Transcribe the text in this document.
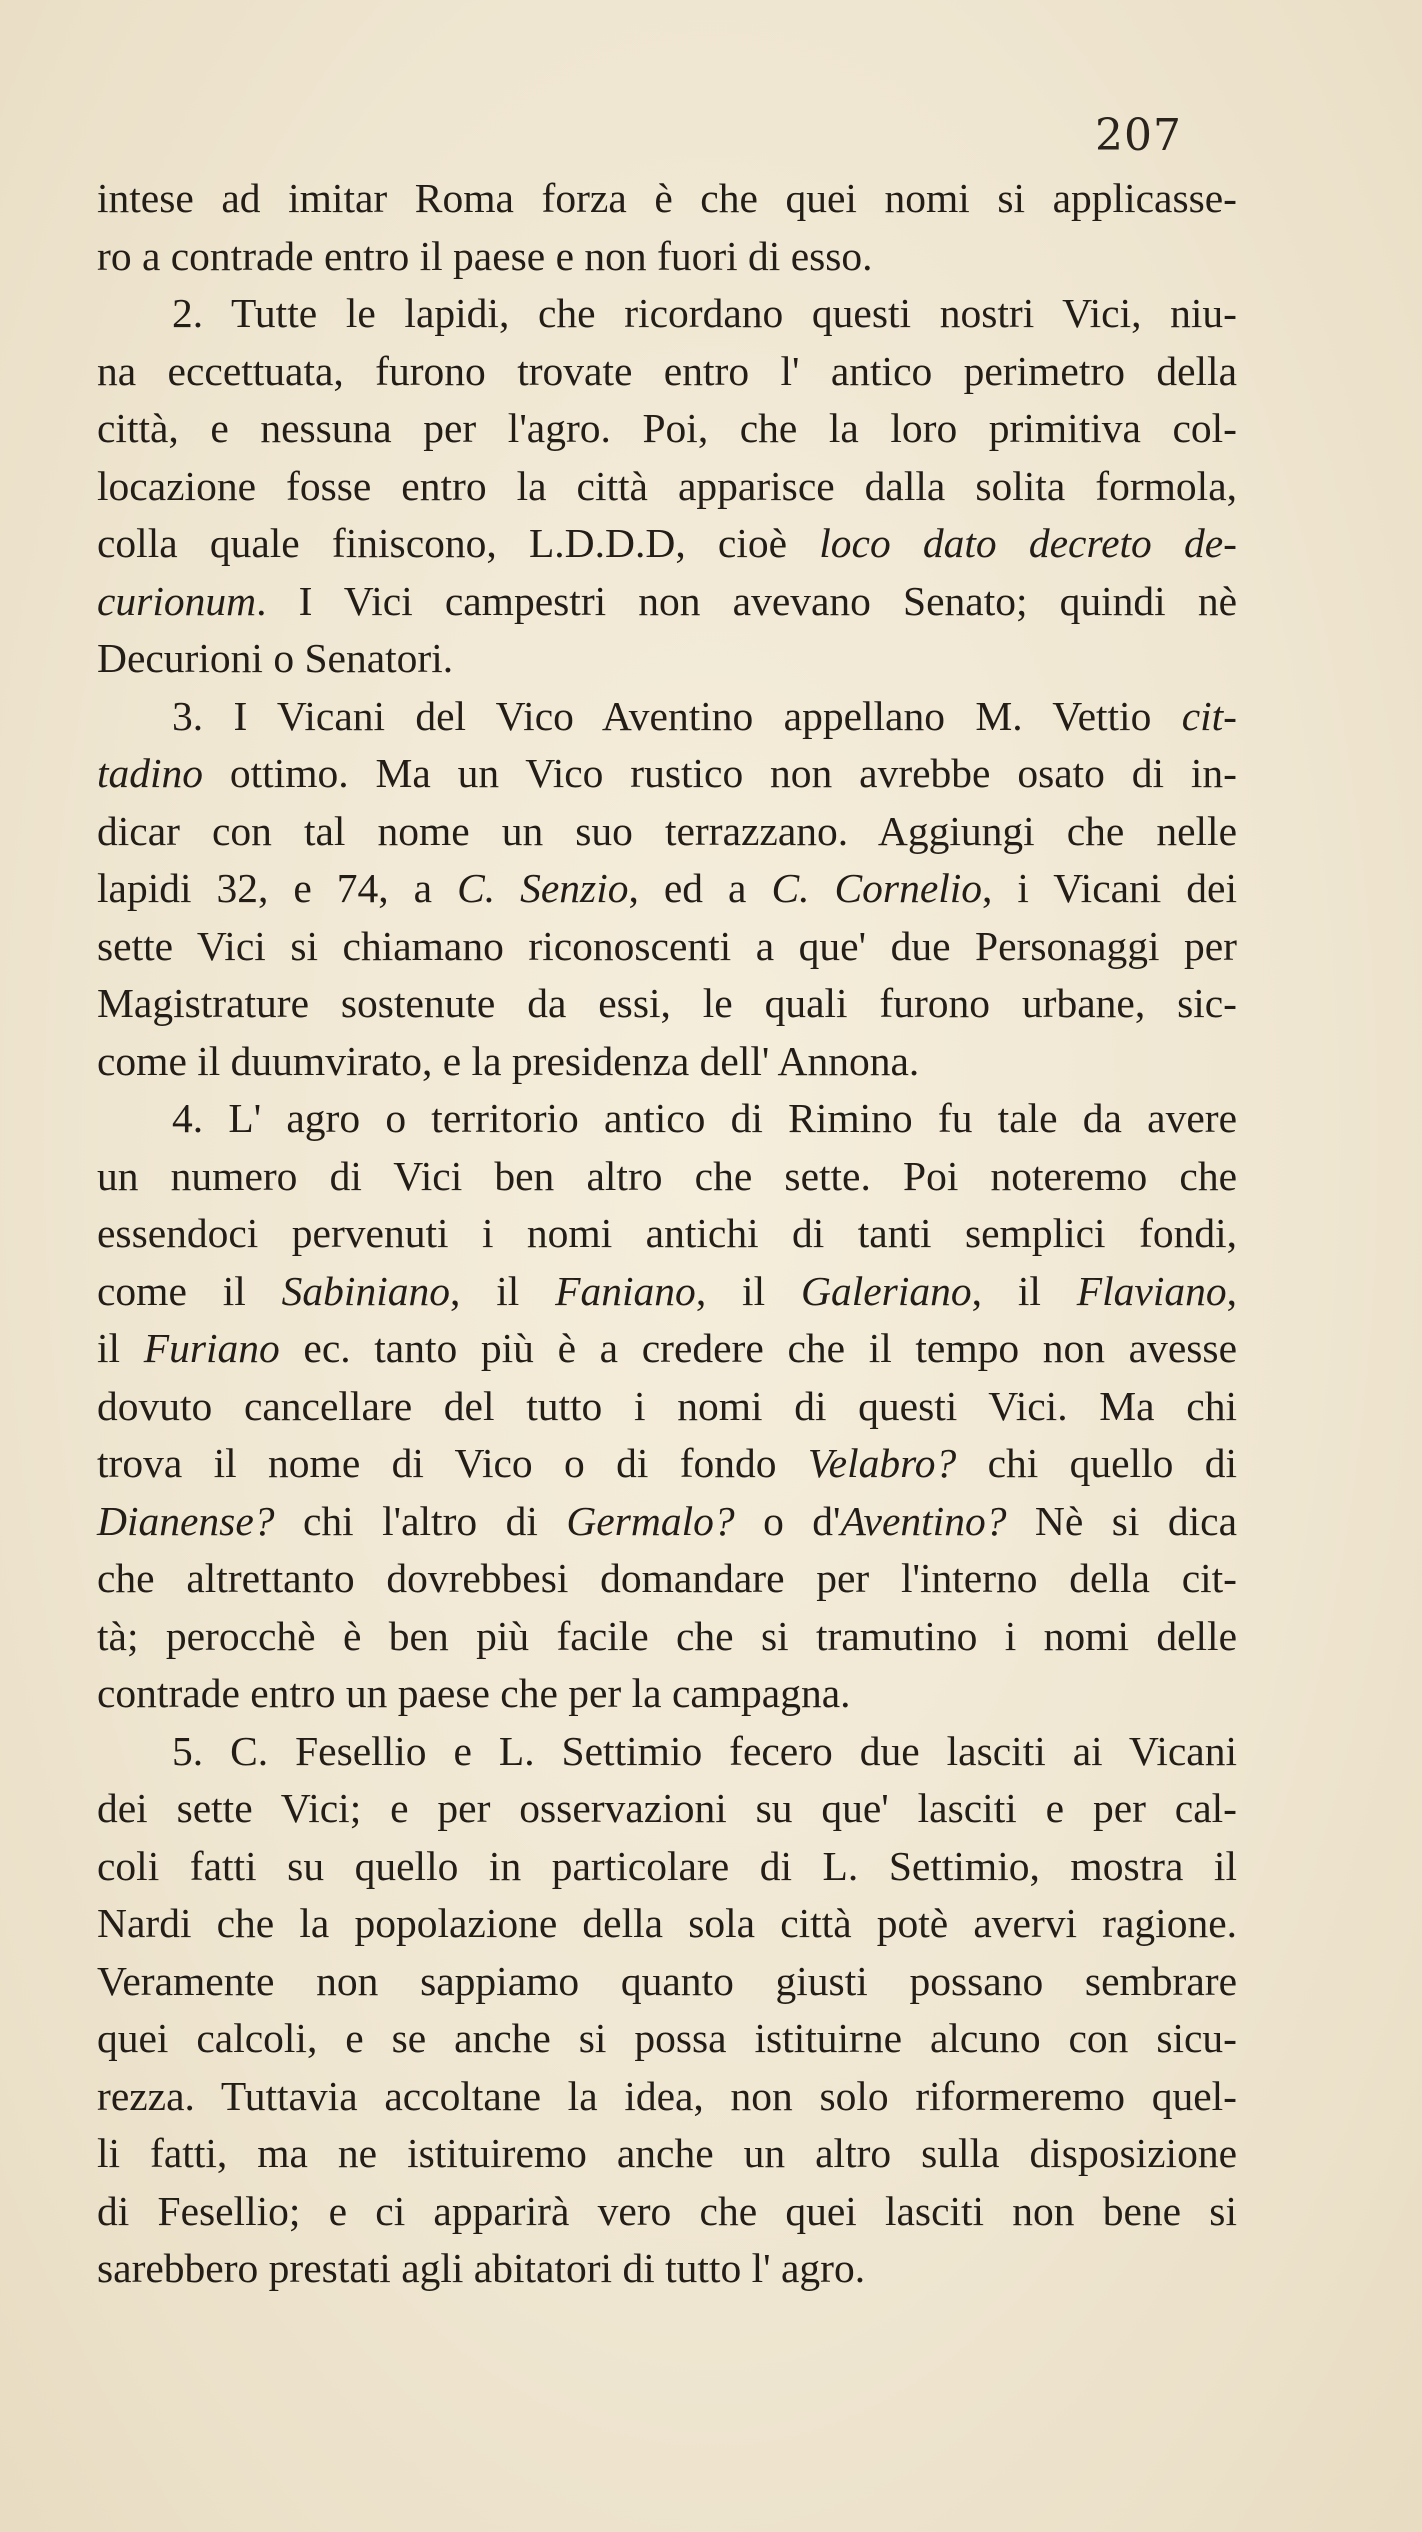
207
intese ad imitar Roma forza è che quei nomi si applicasse-
ro a contrade entro il paese e non fuori di esso.
2. Tutte le lapidi, che ricordano questi nostri Vici, niu-
na eccettuata, furono trovate entro l' antico perimetro della
città, e nessuna per l'agro. Poi, che la loro primitiva col-
locazione fosse entro la città apparisce dalla solita formola,
colla quale finiscono, L.D.D.D, cioè loco dato decreto de-
curionum. I Vici campestri non avevano Senato; quindi nè
Decurioni o Senatori.
3. I Vicani del Vico Aventino appellano M. Vettio cit-
tadino ottimo. Ma un Vico rustico non avrebbe osato di in-
dicar con tal nome un suo terrazzano. Aggiungi che nelle
lapidi 32, e 74, a C. Senzio, ed a C. Cornelio, i Vicani dei
sette Vici si chiamano riconoscenti a que' due Personaggi per
Magistrature sostenute da essi, le quali furono urbane, sic-
come il duumvirato, e la presidenza dell' Annona.
4. L' agro o territorio antico di Rimino fu tale da avere
un numero di Vici ben altro che sette. Poi noteremo che
essendoci pervenuti i nomi antichi di tanti semplici fondi,
come il Sabiniano, il Faniano, il Galeriano, il Flaviano,
il Furiano ec. tanto più è a credere che il tempo non avesse
dovuto cancellare del tutto i nomi di questi Vici. Ma chi
trova il nome di Vico o di fondo Velabro? chi quello di
Dianense? chi l'altro di Germalo? o d'Aventino? Nè si dica
che altrettanto dovrebbesi domandare per l'interno della cit-
tà; perocchè è ben più facile che si tramutino i nomi delle
contrade entro un paese che per la campagna.
5. C. Fesellio e L. Settimio fecero due lasciti ai Vicani
dei sette Vici; e per osservazioni su que' lasciti e per cal-
coli fatti su quello in particolare di L. Settimio, mostra il
Nardi che la popolazione della sola città potè avervi ragione.
Veramente non sappiamo quanto giusti possano sembrare
quei calcoli, e se anche si possa istituirne alcuno con sicu-
rezza. Tuttavia accoltane la idea, non solo riformeremo quel-
li fatti, ma ne istituiremo anche un altro sulla disposizione
di Fesellio; e ci apparirà vero che quei lasciti non bene si
sarebbero prestati agli abitatori di tutto l' agro.
